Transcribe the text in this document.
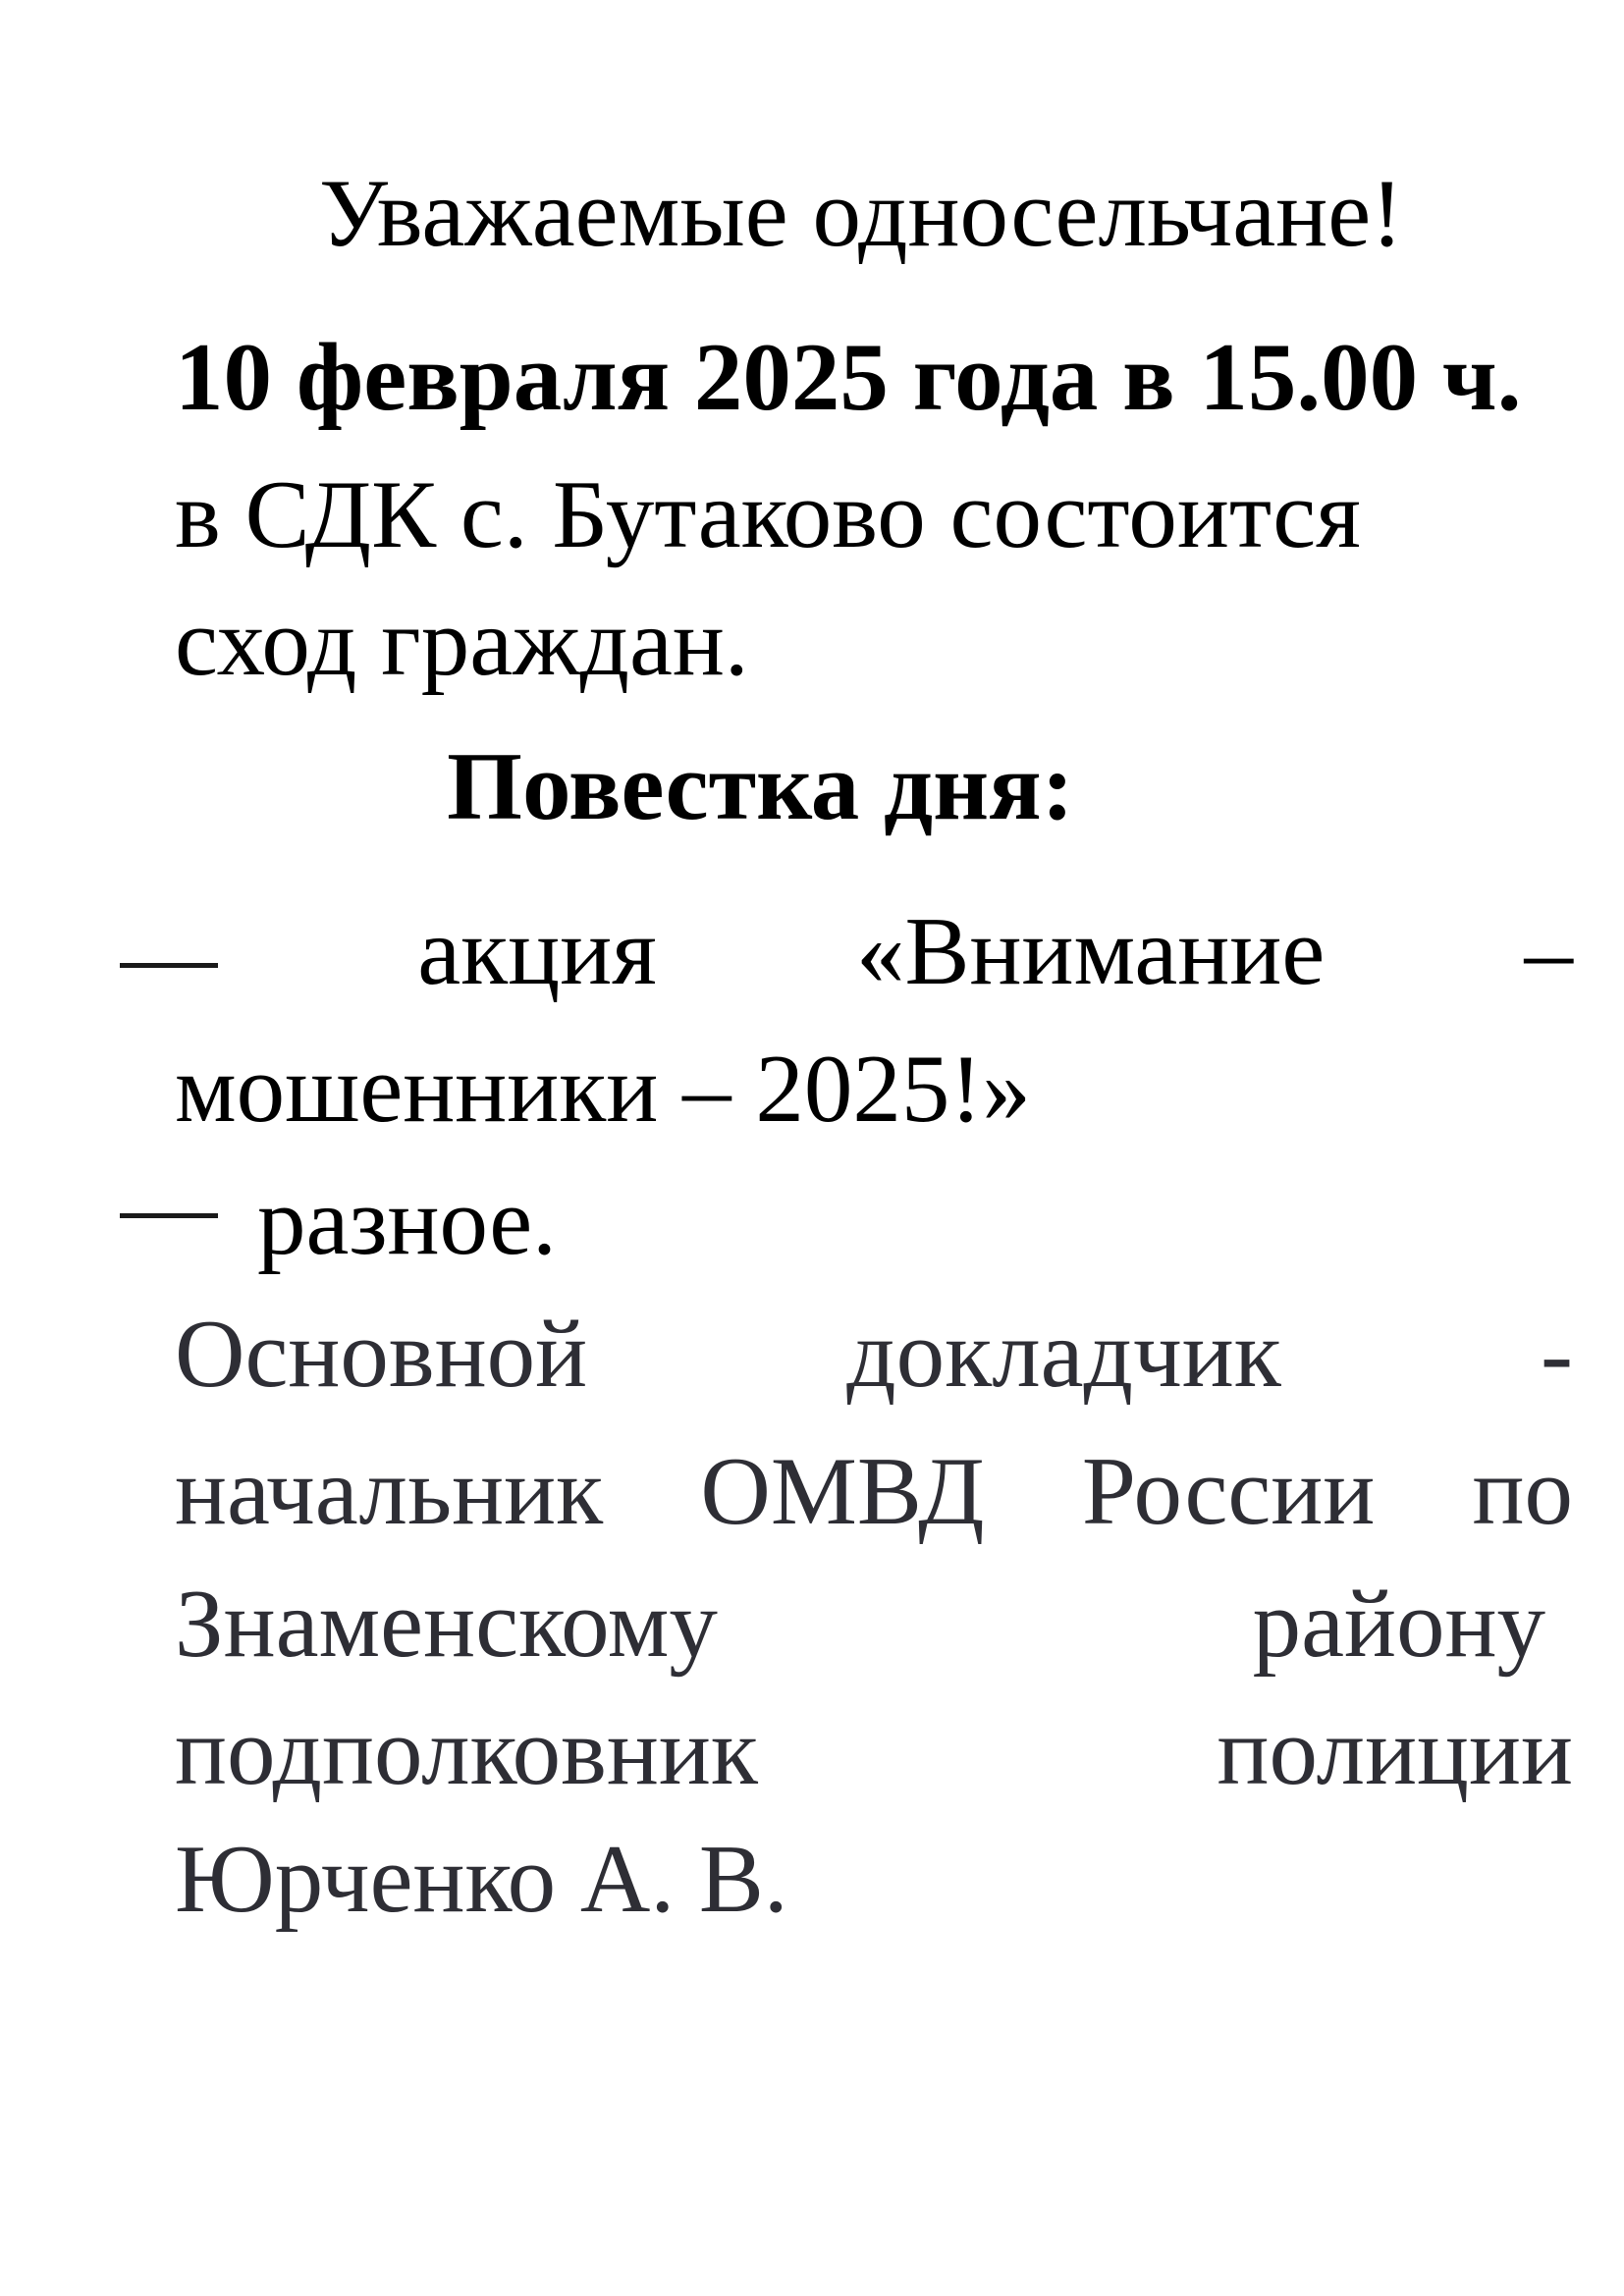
Уважаемые односельчане!
10 февраля 2025 года в 15.00 ч.
в СДК с. Бутаково состоится
сход граждан.
Повестка дня:
акция «Внимание –
мошенники – 2025!»
разное.
Основной	докладчик	-
начальник ОМВД России по
Знаменскому	району
подполковник	полиции
Юрченко А. В.
